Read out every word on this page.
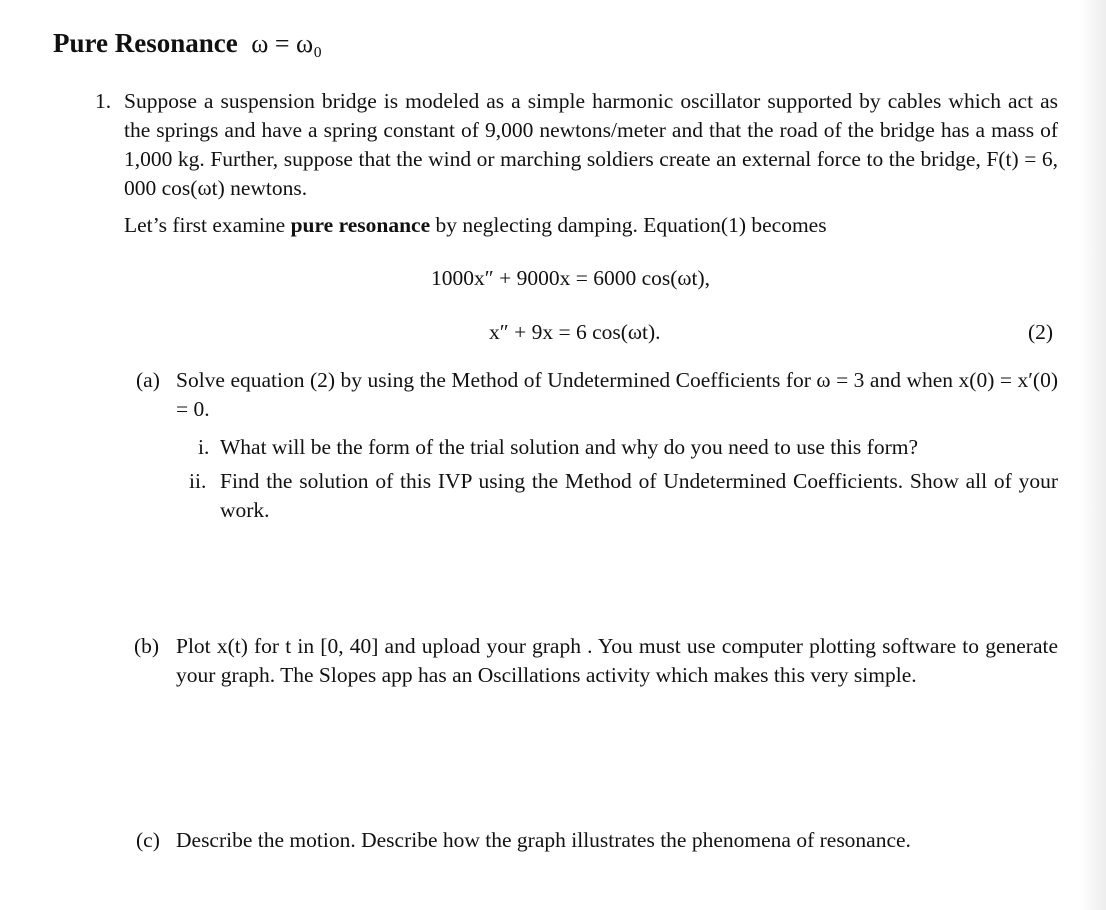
Pure Resonance ω = ω₀
1. Suppose a suspension bridge is modeled as a simple harmonic oscillator supported by cables which act as the springs and have a spring constant of 9,000 newtons/meter and that the road of the bridge has a mass of 1,000 kg. Further, suppose that the wind or marching soldiers create an external force to the bridge, F(t) = 6, 000 cos(ωt) newtons.
Let’s first examine pure resonance by neglecting damping. Equation(1) becomes
1000x″ + 9000x = 6000 cos(ωt),
x″ + 9x = 6 cos(ωt).	(2)
(a) Solve equation (2) by using the Method of Undetermined Coefficients for ω = 3 and when x(0) = x′(0) = 0.
i. What will be the form of the trial solution and why do you need to use this form?
ii. Find the solution of this IVP using the Method of Undetermined Coefficients. Show all of your work.
(b) Plot x(t) for t in [0, 40] and upload your graph . You must use computer plotting software to generate your graph. The Slopes app has an Oscillations activity which makes this very simple.
(c) Describe the motion. Describe how the graph illustrates the phenomena of resonance.
